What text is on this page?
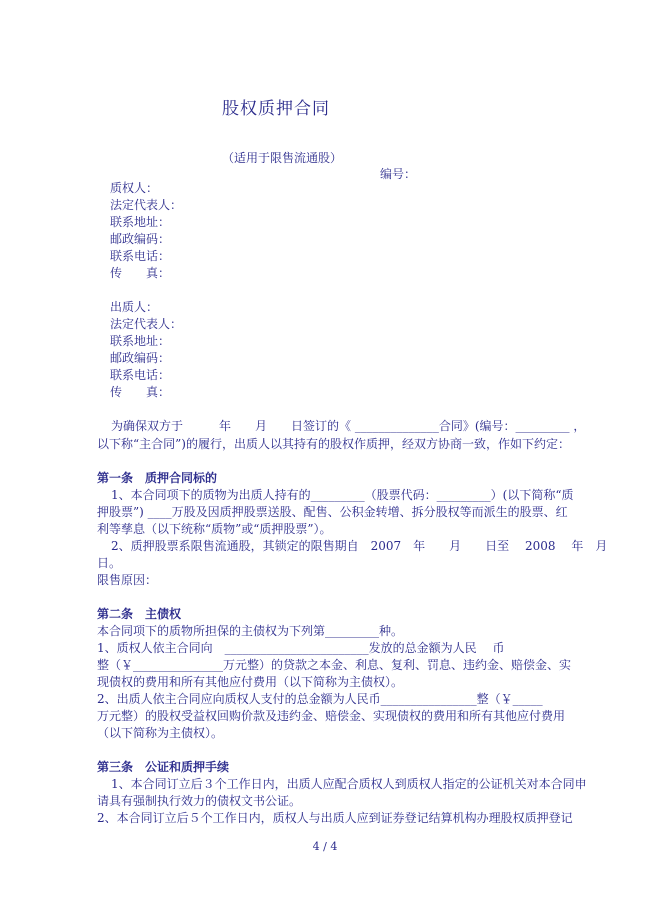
股权质押合同
（适用于限售流通股）
编号：
质权人：
法定代表人：
联系地址：
邮政编码：
联系电话：
传　　真：
出质人：
法定代表人：
联系地址：
邮政编码：
联系电话：
传　　真：
为确保双方于　　　年　　月　　日签订的《 ______________合同》(编号：_________ ，
以下称“主合同”)的履行，出质人以其持有的股权作质押，经双方协商一致，作如下约定：
第一条　质押合同标的
1、本合同项下的质物为出质人持有的_________（股票代码：_________）(以下简称“质
押股票”) ____万股及因质押股票送股、配售、公积金转增、拆分股权等而派生的股票、红
利等孳息（以下统称“质物”或“质押股票”）。
2、质押股票系限售流通股，其锁定的限售期自　2007　年　　月　　日至　 2008　 年　月
日。
限售原因：
第二条　主债权
本合同项下的质物所担保的主债权为下列第_________种。
1、质权人依主合同向　________________________发放的总金额为人民　 币
整（￥_______________万元整）的贷款之本金、利息、复利、罚息、违约金、赔偿金、实
现债权的费用和所有其他应付费用（以下简称为主债权）。
2、出质人依主合同应向质权人支付的总金额为人民币________________整（￥_____
万元整）的股权受益权回购价款及违约金、赔偿金、实现债权的费用和所有其他应付费用
（以下简称为主债权）。
第三条　公证和质押手续
1、本合同订立后３个工作日内，出质人应配合质权人到质权人指定的公证机关对本合同申
请具有强制执行效力的债权文书公证。
2、本合同订立后５个工作日内，质权人与出质人应到证券登记结算机构办理股权质押登记
4 / 4
